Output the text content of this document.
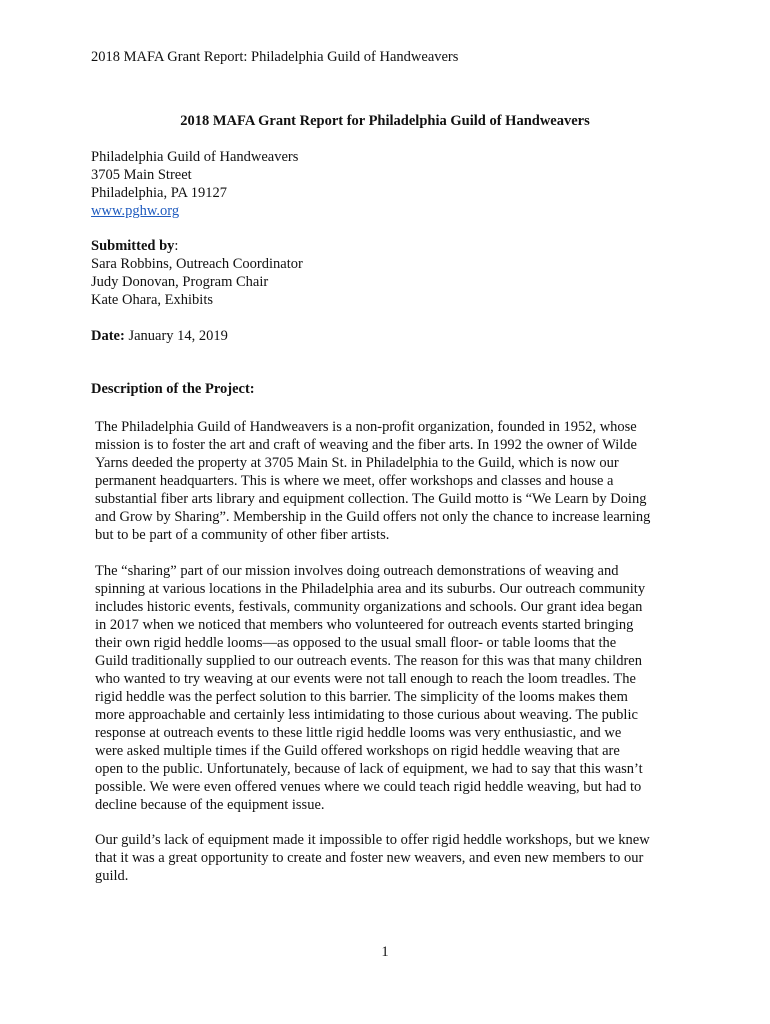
2018 MAFA Grant Report: Philadelphia Guild of Handweavers
2018 MAFA Grant Report for Philadelphia Guild of Handweavers
Philadelphia Guild of Handweavers
3705 Main Street
Philadelphia, PA 19127
www.pghw.org
Submitted by:
Sara Robbins, Outreach Coordinator
Judy Donovan, Program Chair
Kate Ohara, Exhibits
Date: January 14, 2019
Description of the Project:
The Philadelphia Guild of Handweavers is a non-profit organization, founded in 1952, whose
mission is to foster the art and craft of weaving and the fiber arts. In 1992 the owner of Wilde
Yarns deeded the property at 3705 Main St. in Philadelphia to the Guild, which is now our
permanent headquarters. This is where we meet, offer workshops and classes and house a
substantial fiber arts library and equipment collection. The Guild motto is “We Learn by Doing
and Grow by Sharing”. Membership in the Guild offers not only the chance to increase learning
but to be part of a community of other fiber artists.
The “sharing” part of our mission involves doing outreach demonstrations of weaving and
spinning at various locations in the Philadelphia area and its suburbs. Our outreach community
includes historic events, festivals, community organizations and schools. Our grant idea began
in 2017 when we noticed that members who volunteered for outreach events started bringing
their own rigid heddle looms—as opposed to the usual small floor- or table looms that the
Guild traditionally supplied to our outreach events. The reason for this was that many children
who wanted to try weaving at our events were not tall enough to reach the loom treadles. The
rigid heddle was the perfect solution to this barrier. The simplicity of the looms makes them
more approachable and certainly less intimidating to those curious about weaving. The public
response at outreach events to these little rigid heddle looms was very enthusiastic, and we
were asked multiple times if the Guild offered workshops on rigid heddle weaving that are
open to the public. Unfortunately, because of lack of equipment, we had to say that this wasn’t
possible. We were even offered venues where we could teach rigid heddle weaving, but had to
decline because of the equipment issue.
Our guild’s lack of equipment made it impossible to offer rigid heddle workshops, but we knew
that it was a great opportunity to create and foster new weavers, and even new members to our
guild.
1
